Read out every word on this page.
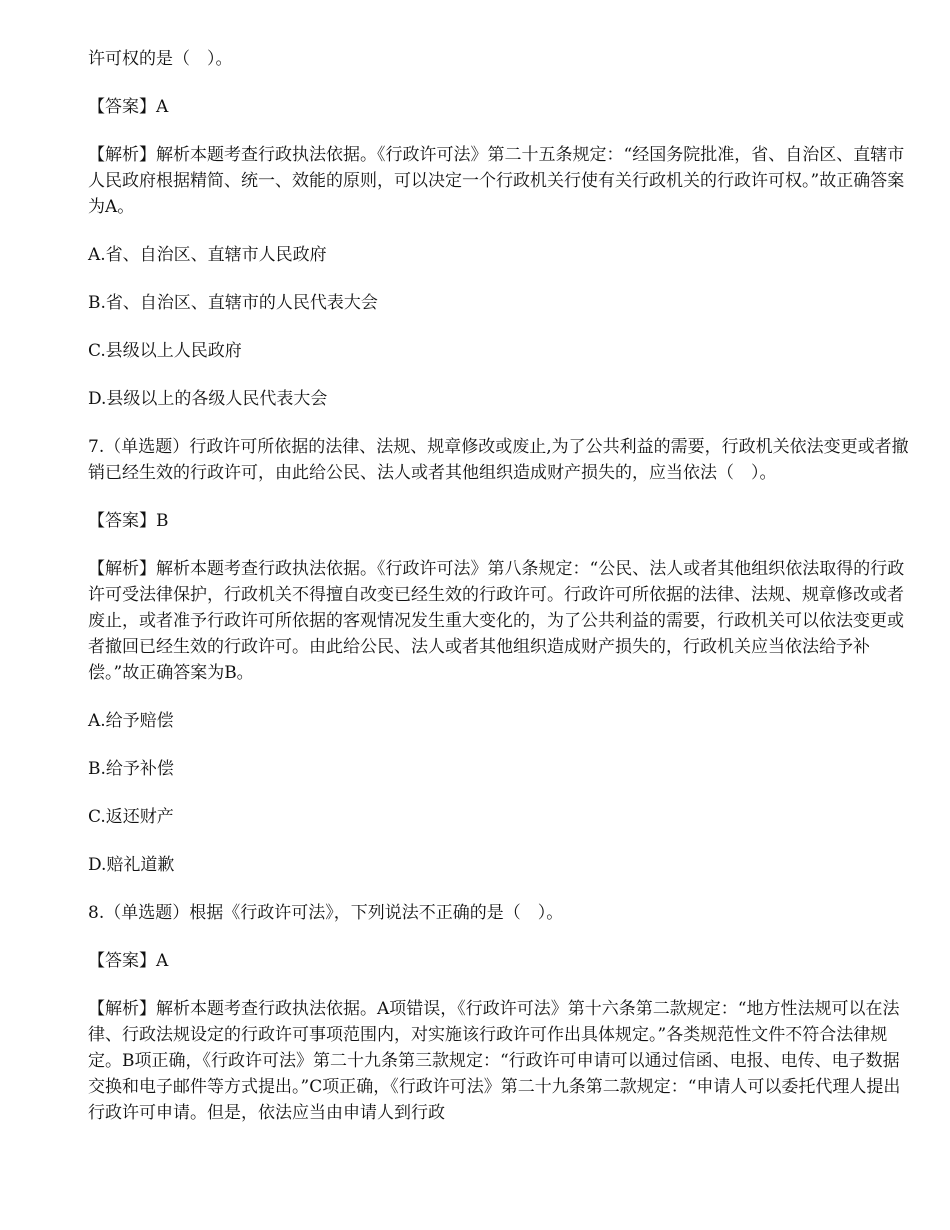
许可权的是（　）。

【答案】A

【解析】解析本题考查行政执法依据。《行政许可法》第二十五条规定：“经国务院批准，省、自治区、直辖市人民政府根据精简、统一、效能的原则，可以决定一个行政机关行使有关行政机关的行政许可权。”故正确答案为A。

A.省、自治区、直辖市人民政府

B.省、自治区、直辖市的人民代表大会

C.县级以上人民政府

D.县级以上的各级人民代表大会

7.（单选题）行政许可所依据的法律、法规、规章修改或废止,为了公共利益的需要，行政机关依法变更或者撤销已经生效的行政许可，由此给公民、法人或者其他组织造成财产损失的，应当依法（　）。

【答案】B

【解析】解析本题考查行政执法依据。《行政许可法》第八条规定：“公民、法人或者其他组织依法取得的行政许可受法律保护，行政机关不得擅自改变已经生效的行政许可。行政许可所依据的法律、法规、规章修改或者废止，或者准予行政许可所依据的客观情况发生重大变化的，为了公共利益的需要，行政机关可以依法变更或者撤回已经生效的行政许可。由此给公民、法人或者其他组织造成财产损失的，行政机关应当依法给予补偿。”故正确答案为B。

A.给予赔偿

B.给予补偿

C.返还财产

D.赔礼道歉

8.（单选题）根据《行政许可法》，下列说法不正确的是（　）。

【答案】A

【解析】解析本题考查行政执法依据。A项错误，《行政许可法》第十六条第二款规定：“地方性法规可以在法律、行政法规设定的行政许可事项范围内，对实施该行政许可作出具体规定。”各类规范性文件不符合法律规定。B项正确，《行政许可法》第二十九条第三款规定：“行政许可申请可以通过信函、电报、电传、电子数据交换和电子邮件等方式提出。”C项正确，《行政许可法》第二十九条第二款规定：“申请人可以委托代理人提出行政许可申请。但是，依法应当由申请人到行政
